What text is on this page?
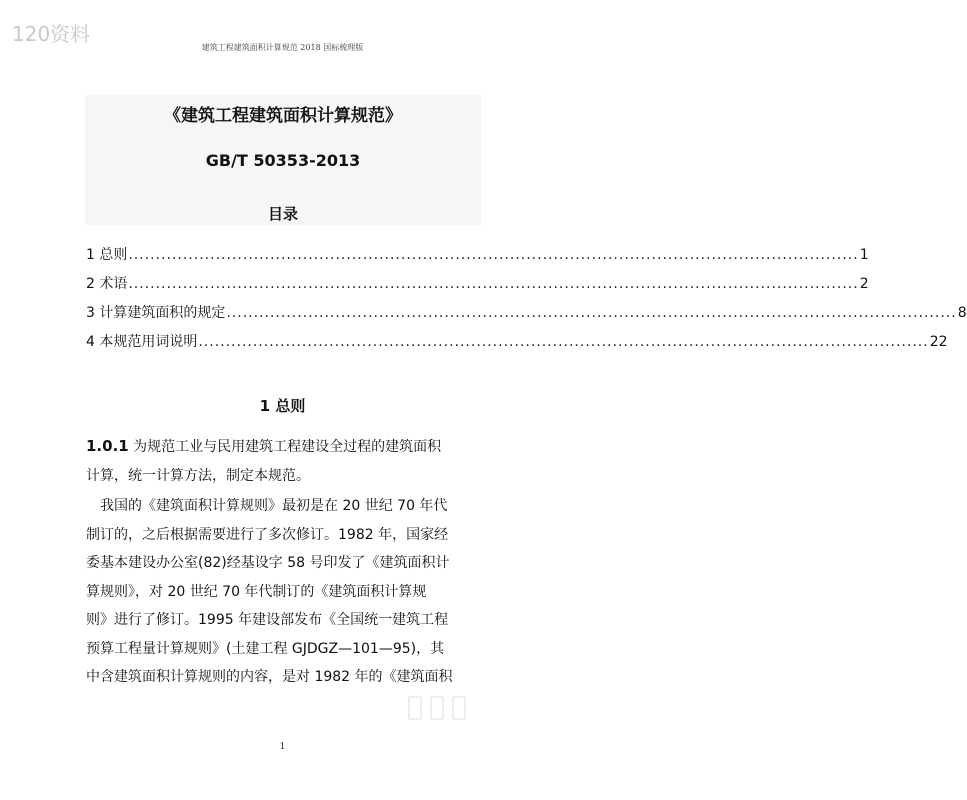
120资料
建筑工程建筑面积计算规范 2018 国标梳理版
《建筑工程建筑面积计算规范》
GB/T 50353-2013
目录
1 总则 ...................................................................................................................................... 1
2 术语 ...................................................................................................................................... 2
3 计算建筑面积的规定 ...................................................................................................................................... 8
4 本规范用词说明 ...................................................................................................................................... 22
1 总则
1.0.1 为规范工业与民用建筑工程建设全过程的建筑面积
计算，统一计算方法，制定本规范。
我国的《建筑面积计算规则》最初是在 20 世纪 70 年代
制订的，之后根据需要进行了多次修订。1982 年，国家经
委基本建设办公室(82)经基设字 58 号印发了《建筑面积计
算规则》，对 20 世纪 70 年代制订的《建筑面积计算规
则》进行了修订。1995 年建设部发布《全国统一建筑工程
预算工程量计算规则》(土建工程 GJDGZ—101—95)，其
中含建筑面积计算规则的内容，是对 1982 年的《建筑面积
1
